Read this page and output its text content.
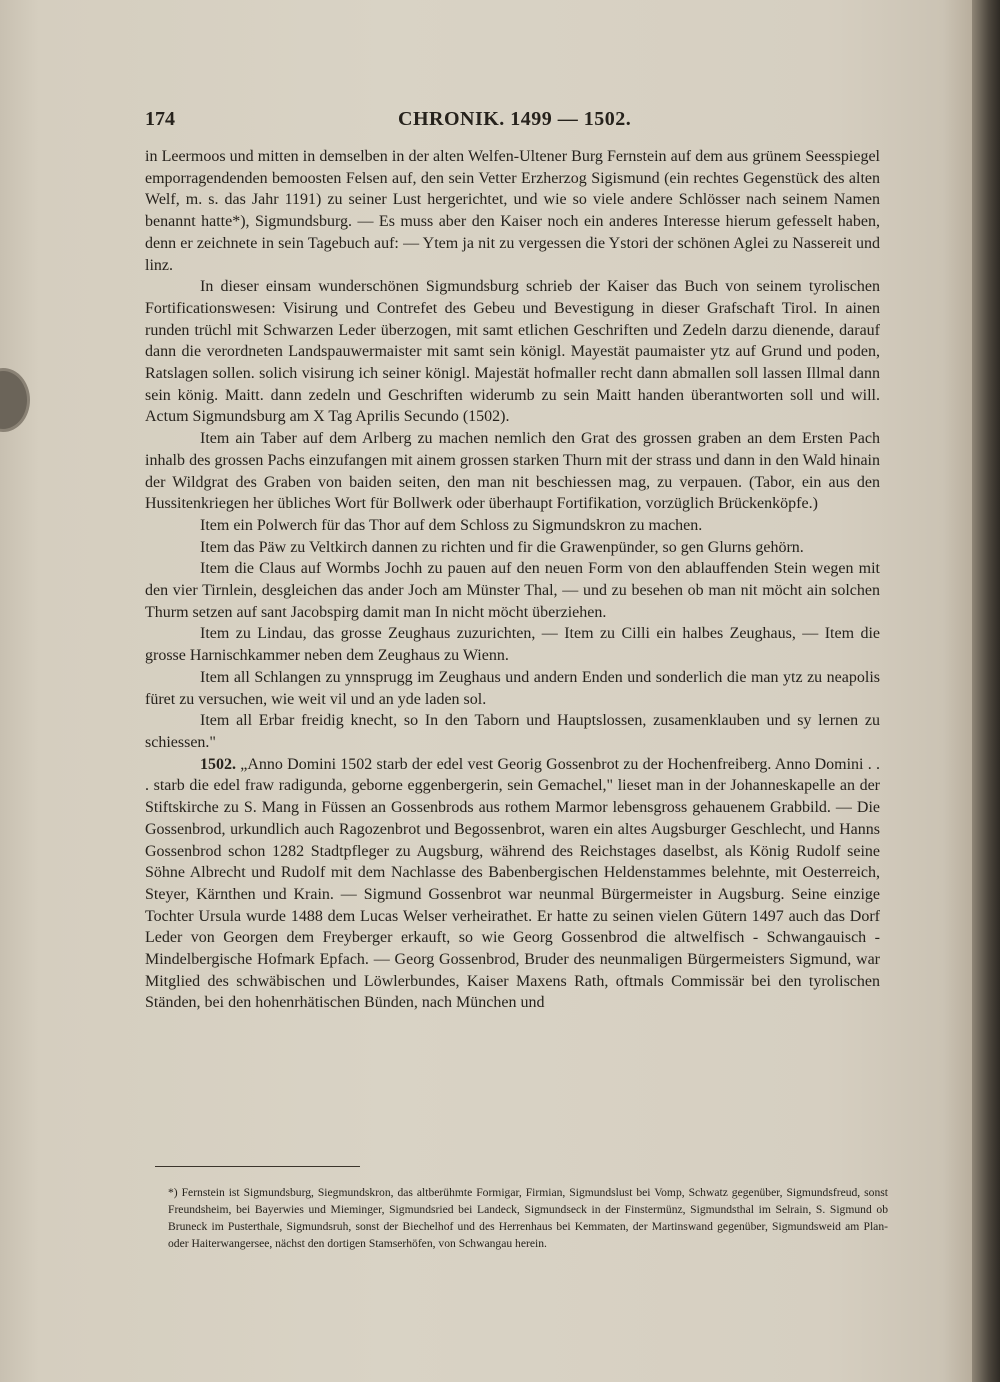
174	CHRONIK. 1499 — 1502.

in Leermoos und mitten in demselben in der alten Welfen-Ultener Burg Fernstein auf dem aus grünem Seesspiegel emporragendenden bemoosten Felsen auf, den sein Vetter Erzherzog Sigismund (ein rechtes Gegenstück des alten Welf, m. s. das Jahr 1191) zu seiner Lust hergerichtet, und wie so viele andere Schlösser nach seinem Namen benannt hatte*), Sigmundsburg. — Es muss aber den Kaiser noch ein anderes Interesse hierum gefesselt haben, denn er zeichnete in sein Tagebuch auf: — Ytem ja nit zu vergessen die Ystori der schönen Aglei zu Nassereit und linz.

In dieser einsam wunderschönen Sigmundsburg schrieb der Kaiser das Buch von seinem tyrolischen Fortificationswesen: Visirung und Contrefet des Gebeu und Bevestigung in dieser Grafschaft Tirol. In ainen runden trüchl mit Schwarzen Leder überzogen, mit samt etlichen Geschriften und Zedeln darzu dienende, darauf dann die verordneten Landspauwermaister mit samt sein königl. Mayestät paumaister ytz auf Grund und poden, Ratslagen sollen. solich visirung ich seiner königl. Majestät hofmaller recht dann abmallen soll lassen Illmal dann sein könig. Maitt. dann zedeln und Geschriften widerumb zu sein Maitt handen überantworten soll und will. Actum Sigmundsburg am X Tag Aprilis Secundo (1502).

Item ain Taber auf dem Arlberg zu machen nemlich den Grat des grossen graben an dem Ersten Pach inhalb des grossen Pachs einzufangen mit ainem grossen starken Thurn mit der strass und dann in den Wald hinain der Wildgrat des Graben von baiden seiten, den man nit beschiessen mag, zu verpauen. (Tabor, ein aus den Hussitenkriegen her übliches Wort für Bollwerk oder überhaupt Fortifikation, vorzüglich Brückenköpfe.)

Item ein Polwerch für das Thor auf dem Schloss zu Sigmundskron zu machen.

Item das Päw zu Veltkirch dannen zu richten und fir die Grawenpünder, so gen Glurns gehörn.

Item die Claus auf Wormbs Jochh zu pauen auf den neuen Form von den ablauffenden Stein wegen mit den vier Tirnlein, desgleichen das ander Joch am Münster Thal, — und zu besehen ob man nit möcht ain solchen Thurm setzen auf sant Jacobspirg damit man In nicht möcht überziehen.

Item zu Lindau, das grosse Zeughaus zuzurichten, — Item zu Cilli ein halbes Zeughaus, — Item die grosse Harnischkammer neben dem Zeughaus zu Wienn.

Item all Schlangen zu ynnsprugg im Zeughaus und andern Enden und sonderlich die man ytz zu neapolis füret zu versuchen, wie weit vil und an yde laden sol.

Item all Erbar freidig knecht, so In den Taborn und Hauptslossen, zusamenklauben und sy lernen zu schiessen."

1502. „Anno Domini 1502 starb der edel vest Georig Gossenbrot zu der Hochenfreiberg. Anno Domini . . . starb die edel fraw radigunda, geborne eggenbergerin, sein Gemachel," lieset man in der Johanneskapelle an der Stiftskirche zu S. Mang in Füssen an Gossenbrods aus rothem Marmor lebensgross gehauenem Grabbild. — Die Gossenbrod, urkundlich auch Ragozenbrot und Begossenbrot, waren ein altes Augsburger Geschlecht, und Hanns Gossenbrod schon 1282 Stadtpfleger zu Augsburg, während des Reichstages daselbst, als König Rudolf seine Söhne Albrecht und Rudolf mit dem Nachlasse des Babenbergischen Heldenstammes belehnte, mit Oesterreich, Steyer, Kärnthen und Krain. — Sigmund Gossenbrot war neunmal Bürgermeister in Augsburg. Seine einzige Tochter Ursula wurde 1488 dem Lucas Welser verheirathet. Er hatte zu seinen vielen Gütern 1497 auch das Dorf Leder von Georgen dem Freyberger erkauft, so wie Georg Gossenbrod die altwelfisch - Schwangauisch - Mindelbergische Hofmark Epfach. — Georg Gossenbrod, Bruder des neunmaligen Bürgermeisters Sigmund, war Mitglied des schwäbischen und Löwlerbundes, Kaiser Maxens Rath, oftmals Commissär bei den tyrolischen Ständen, bei den hohenrhätischen Bünden, nach München und

*) Fernstein ist Sigmundsburg, Siegmundskron, das altberühmte Formigar, Firmian, Sigmundslust bei Vomp, Schwatz gegenüber, Sigmundsfreud, sonst Freundsheim, bei Bayerwies und Mieminger, Sigmundsried bei Landeck, Sigmundseck in der Finstermünz, Sigmundsthal im Selrain, S. Sigmund ob Bruneck im Pusterthale, Sigmundsruh, sonst der Biechelhof und des Herrenhaus bei Kemmaten, der Martinswand gegenüber, Sigmundsweid am Plan- oder Haiterwangersee, nächst den dortigen Stamserhöfen, von Schwangau herein.
